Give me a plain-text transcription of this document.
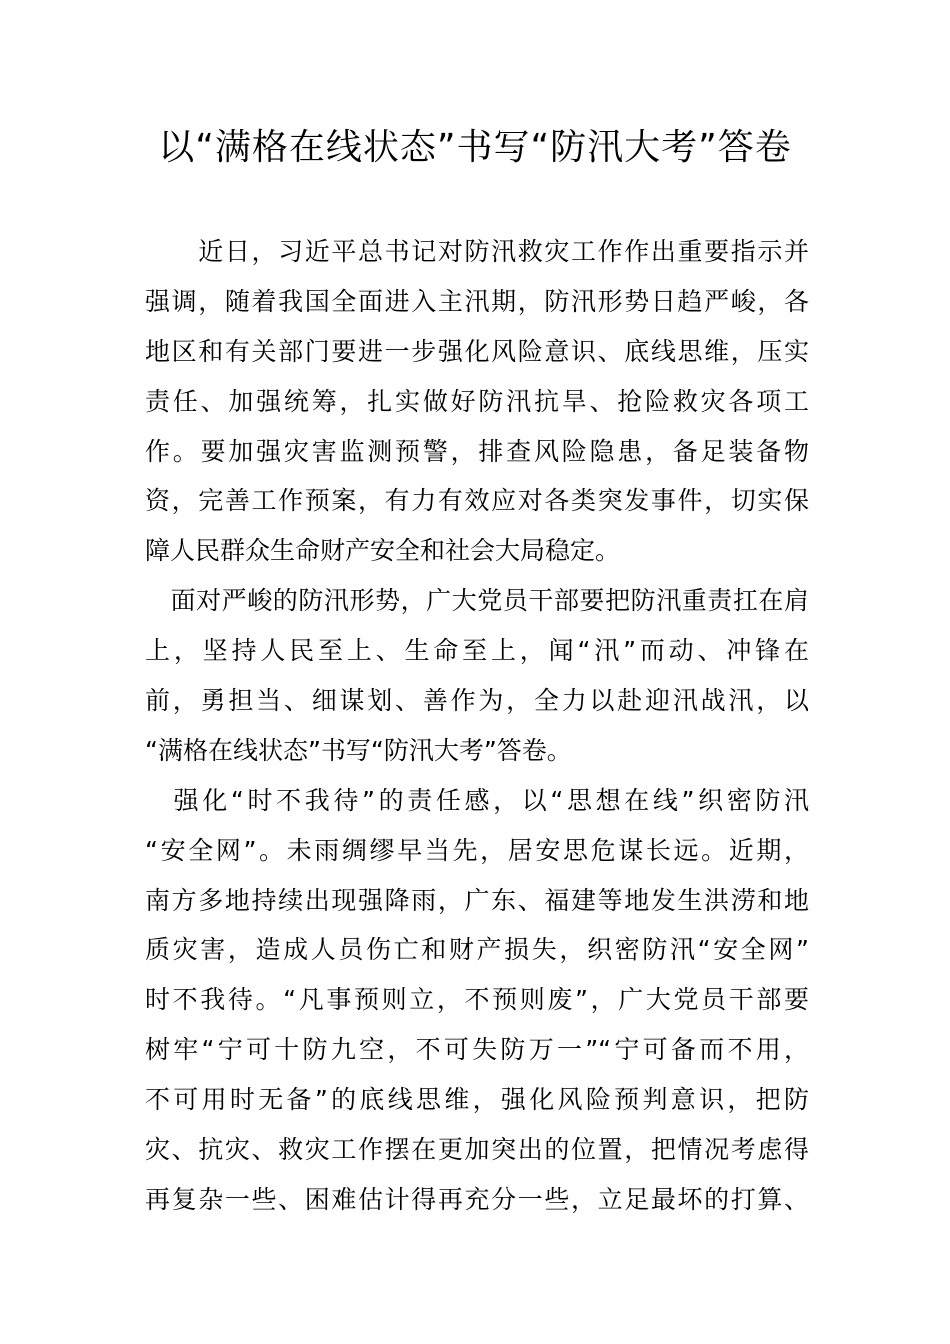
以“满格在线状态”书写“防汛大考”答卷

　　近日，习近平总书记对防汛救灾工作作出重要指示并

强调，随着我国全面进入主汛期，防汛形势日趋严峻，各

地区和有关部门要进一步强化风险意识、底线思维，压实

责任、加强统筹，扎实做好防汛抗旱、抢险救灾各项工

作。要加强灾害监测预警，排查风险隐患，备足装备物

资，完善工作预案，有力有效应对各类突发事件，切实保

障人民群众生命财产安全和社会大局稳定。

　面对严峻的防汛形势，广大党员干部要把防汛重责扛在肩

上，坚持人民至上、生命至上，闻“汛”而动、冲锋在

前，勇担当、细谋划、善作为，全力以赴迎汛战汛，以

“满格在线状态”书写“防汛大考”答卷。

　强化“时不我待”的责任感，以“思想在线”织密防汛

“安全网”。未雨绸缪早当先，居安思危谋长远。近期，

南方多地持续出现强降雨，广东、福建等地发生洪涝和地

质灾害，造成人员伤亡和财产损失，织密防汛“安全网”

时不我待。“凡事预则立，不预则废”，广大党员干部要

树牢“宁可十防九空，不可失防万一”“宁可备而不用，

不可用时无备”的底线思维，强化风险预判意识，把防

灾、抗灾、救灾工作摆在更加突出的位置，把情况考虑得

再复杂一些、困难估计得再充分一些，立足最坏的打算、
